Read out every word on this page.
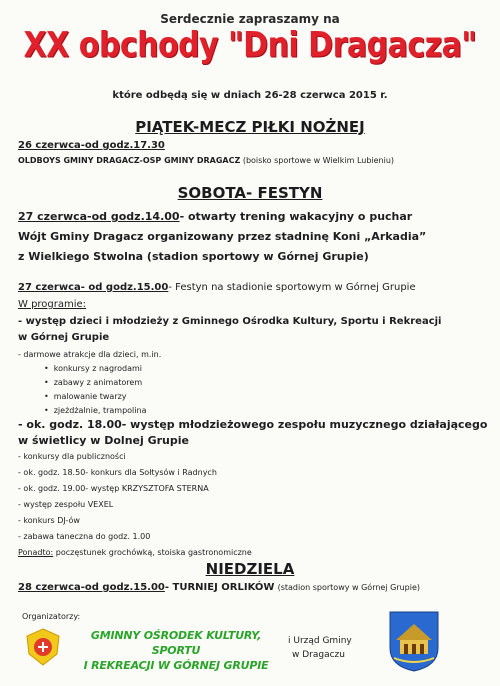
Serdecznie zapraszamy na
XX obchody "Dni Dragacza"
które odbędą się w dniach 26-28 czerwca 2015 r.
PIĄTEK-MECZ PIŁKI NOŻNEJ
26 czerwca-od godz.17.30
OLDBOYS GMINY DRAGACZ-OSP GMINY DRAGACZ (boisko sportowe w Wielkim Lubieniu)
SOBOTA- FESTYN
27 czerwca-od godz.14.00- otwarty trening wakacyjny o puchar
Wójt Gminy Dragacz organizowany przez stadninę Koni „Arkadia”
z Wielkiego Stwolna (stadion sportowy w Górnej Grupie)
27 czerwca- od godz.15.00- Festyn na stadionie sportowym w Górnej Grupie
W programie:
- występ dzieci i młodzieży z Gminnego Ośrodka Kultury, Sportu i Rekreacji
w Górnej Grupie
- darmowe atrakcje dla dzieci, m.in.
• konkursy z nagrodami
• zabawy z animatorem
• malowanie twarzy
• zjeżdżalnie, trampolina
- ok. godz. 18.00- występ młodzieżowego zespołu muzycznego działającego
w świetlicy w Dolnej Grupie
- konkursy dla publiczności
- ok. godz. 18.50- konkurs dla Sołtysów i Radnych
- ok. godz. 19.00- występ KRZYSZTOFA STERNA
- występ zespołu VEXEL
- konkurs DJ-ów
- zabawa taneczna do godz. 1.00
Ponadto: poczęstunek grochówką, stoiska gastronomiczne
NIEDZIELA
28 czerwca-od godz.15.00- TURNIEJ ORLIKÓW (stadion sportowy w Górnej Grupie)
Organizatorzy:
GMINNY OŚRODEK KULTURY, SPORTU
I REKREACJI W GÓRNEJ GRUPIE
i Urząd Gminy
w Dragaczu
